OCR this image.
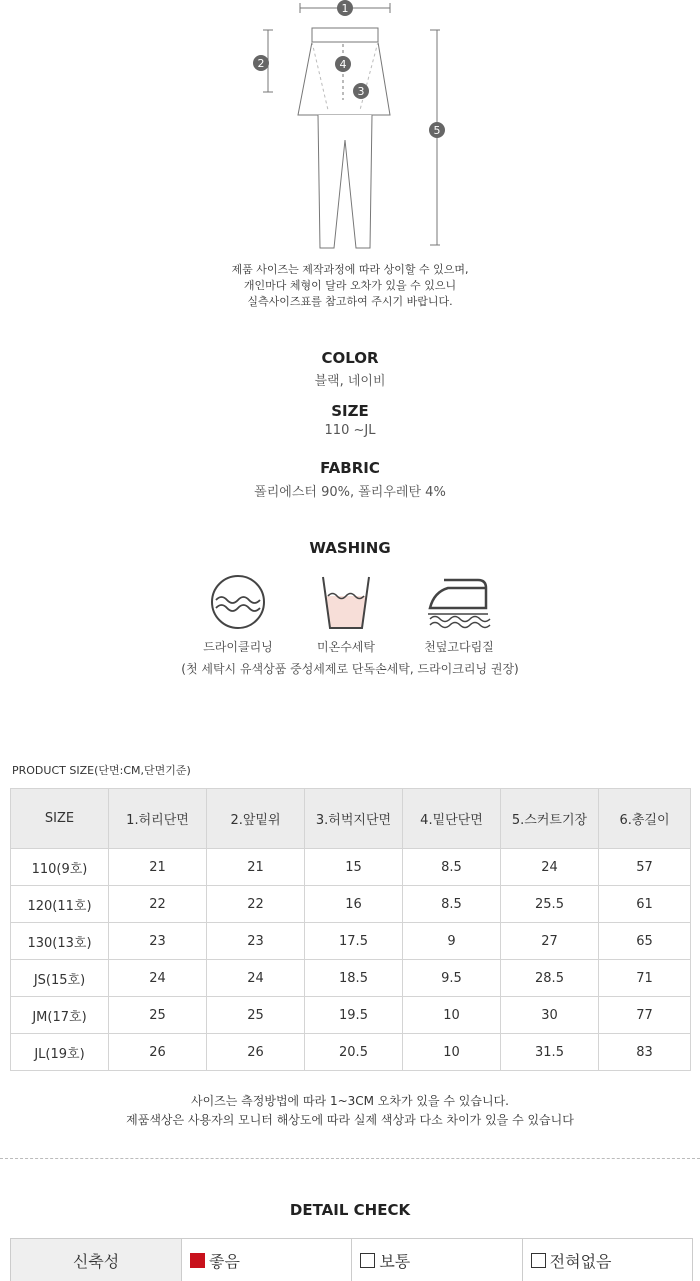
1
2
3
4
5
제품 사이즈는 제작과정에 따라 상이할 수 있으며,
개인마다 체형이 달라 오차가 있을 수 있으니
실측사이즈표를 참고하여 주시기 바랍니다.
COLOR
블랙, 네이비
SIZE
110 ~JL
FABRIC
폴리에스터 90%, 폴리우레탄 4%
WASHING
드라이클리닝	미온수세탁	천덮고다림질
(첫 세탁시 유색상품 중성세제로 단독손세탁, 드라이크리닝 권장)
PRODUCT SIZE(단면:CM,단면기준)
SIZE	1.허리단면	2.앞밑위	3.허벅지단면	4.밑단단면	5.스커트기장	6.총길이
110(9호)	21	21	15	8.5	24	57
120(11호)	22	22	16	8.5	25.5	61
130(13호)	23	23	17.5	9	27	65
JS(15호)	24	24	18.5	9.5	28.5	71
JM(17호)	25	25	19.5	10	30	77
JL(19호)	26	26	20.5	10	31.5	83
사이즈는 측정방법에 따라 1~3CM 오차가 있을 수 있습니다.
제품색상은 사용자의 모니터 해상도에 따라 실제 색상과 다소 차이가 있을 수 있습니다
DETAIL CHECK
신축성	좋음	보통	전혀없음
